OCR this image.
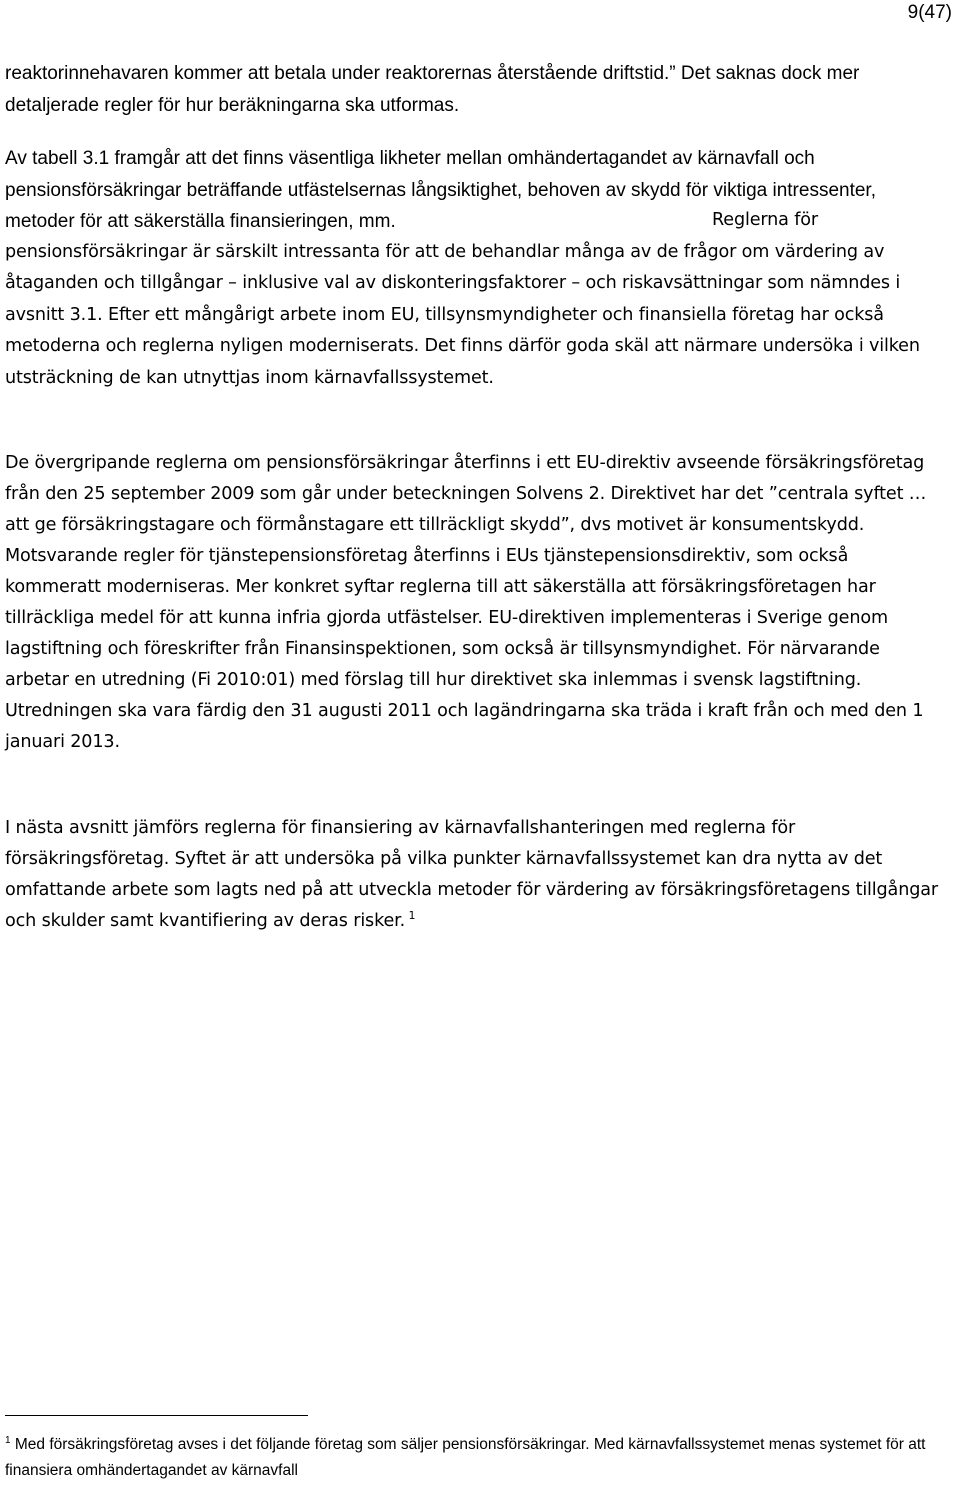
9(47)

reaktorinnehavaren kommer att betala under reaktorernas återstående driftstid.” Det saknas dock mer detaljerade regler för hur beräkningarna ska utformas.

Av tabell 3.1 framgår att det finns väsentliga likheter mellan omhändertagandet av kärnavfall och pensionsförsäkringar beträffande utfästelsernas långsiktighet, behoven av skydd för viktiga intressenter, metoder för att säkerställa finansieringen, mm.	Reglerna för pensionsförsäkringar är särskilt intressanta för att de behandlar många av de frågor om värdering av åtaganden och tillgångar – inklusive val av diskonteringsfaktorer – och riskavsättningar som nämndes i avsnitt 3.1. Efter ett mångårigt arbete inom EU, tillsynsmyndigheter och finansiella företag har också metoderna och reglerna nyligen moderniserats. Det finns därför goda skäl att närmare undersöka i vilken utsträckning de kan utnyttjas inom kärnavfallssystemet.

De övergripande reglerna om pensionsförsäkringar återfinns i ett EU-direktiv avseende försäkringsföretag från den 25 september 2009 som går under beteckningen Solvens 2. Direktivet har det ”centrala syftet … att ge försäkringstagare och förmånstagare ett tillräckligt skydd”, dvs motivet är konsumentskydd. Motsvarande regler för tjänstepensionsföretag återfinns i EUs tjänstepensionsdirektiv, som också kommeratt moderniseras. Mer konkret syftar reglerna till att säkerställa att försäkringsföretagen har tillräckliga medel för att kunna infria gjorda utfästelser. EU-direktiven implementeras i Sverige genom lagstiftning och föreskrifter från Finansinspektionen, som också är tillsynsmyndighet. För närvarande arbetar en utredning (Fi 2010:01) med förslag till hur direktivet ska inlemmas i svensk lagstiftning. Utredningen ska vara färdig den 31 augusti 2011 och lagändringarna ska träda i kraft från och med den 1 januari 2013.

I nästa avsnitt jämförs reglerna för finansiering av kärnavfallshanteringen med reglerna för försäkringsföretag. Syftet är att undersöka på vilka punkter kärnavfallssystemet kan dra nytta av det omfattande arbete som lagts ned på att utveckla metoder för värdering av försäkringsföretagens tillgångar och skulder samt kvantifiering av deras risker.  $^1$

$^1$ Med försäkringsföretag avses i det följande företag som säljer pensionsförsäkringar. Med kärnavfallssystemet menas systemet för att finansiera omhändertagandet av kärnavfall
